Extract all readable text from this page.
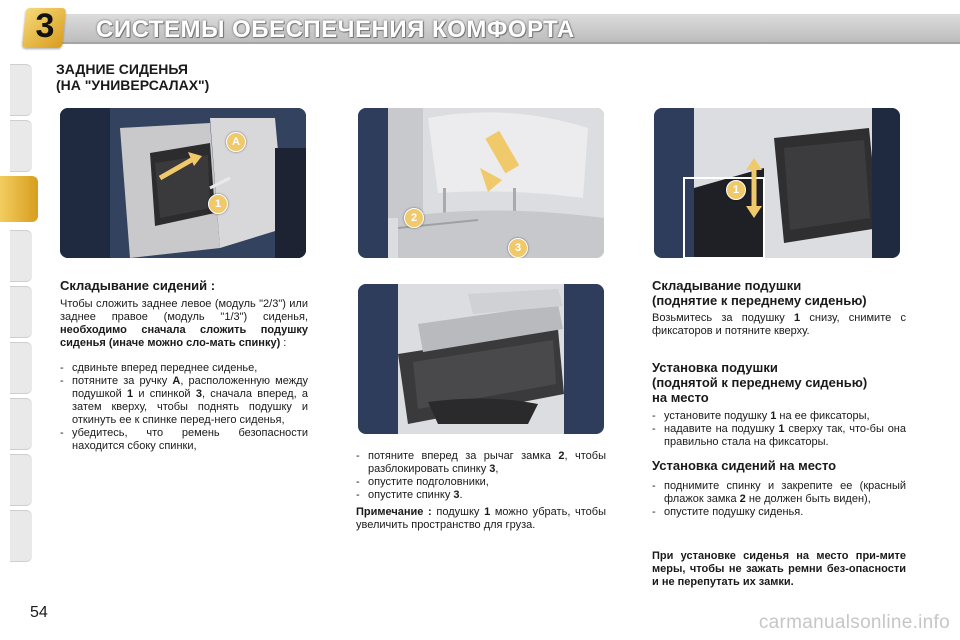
3 СИСТЕМЫ ОБЕСПЕЧЕНИЯ КОМФОРТА
ЗАДНИЕ СИДЕНЬЯ
(НА "УНИВЕРСАЛАХ")
A
1
2
3
1
Складывание сидений :
Чтобы сложить заднее левое (модуль "2/3") или заднее правое (модуль "1/3") сиденья, необходимо сначала сложить подушку сиденья (иначе можно сло-мать спинку) :
- сдвиньте вперед переднее сиденье,
- потяните за ручку A, расположенную между подушкой 1 и спинкой 3, сначала вперед, а затем кверху, чтобы поднять подушку и откинуть ее к спинке перед-него сиденья,
- убедитесь, что ремень безопасности находится сбоку спинки,
- потяните вперед за рычаг замка 2, чтобы разблокировать спинку 3,
- опустите подголовники,
- опустите спинку 3.
Примечание : подушку 1 можно убрать, чтобы увеличить пространство для груза.
Складывание подушки
(поднятие к переднему сиденью)
Возьмитесь за подушку 1 снизу, снимите с фиксаторов и потяните кверху.
Установка подушки
(поднятой к переднему сиденью)
на место
- установите подушку 1 на ее фиксаторы,
- надавите на подушку 1 сверху так, что-бы она правильно стала на фиксаторы.
Установка сидений на место
- поднимите спинку и закрепите ее (красный флажок замка 2 не должен быть виден),
- опустите подушку сиденья.
При установке сиденья на место при-мите меры, чтобы не зажать ремни без-опасности и не перепутать их замки.
54	carmanualsonline.info
